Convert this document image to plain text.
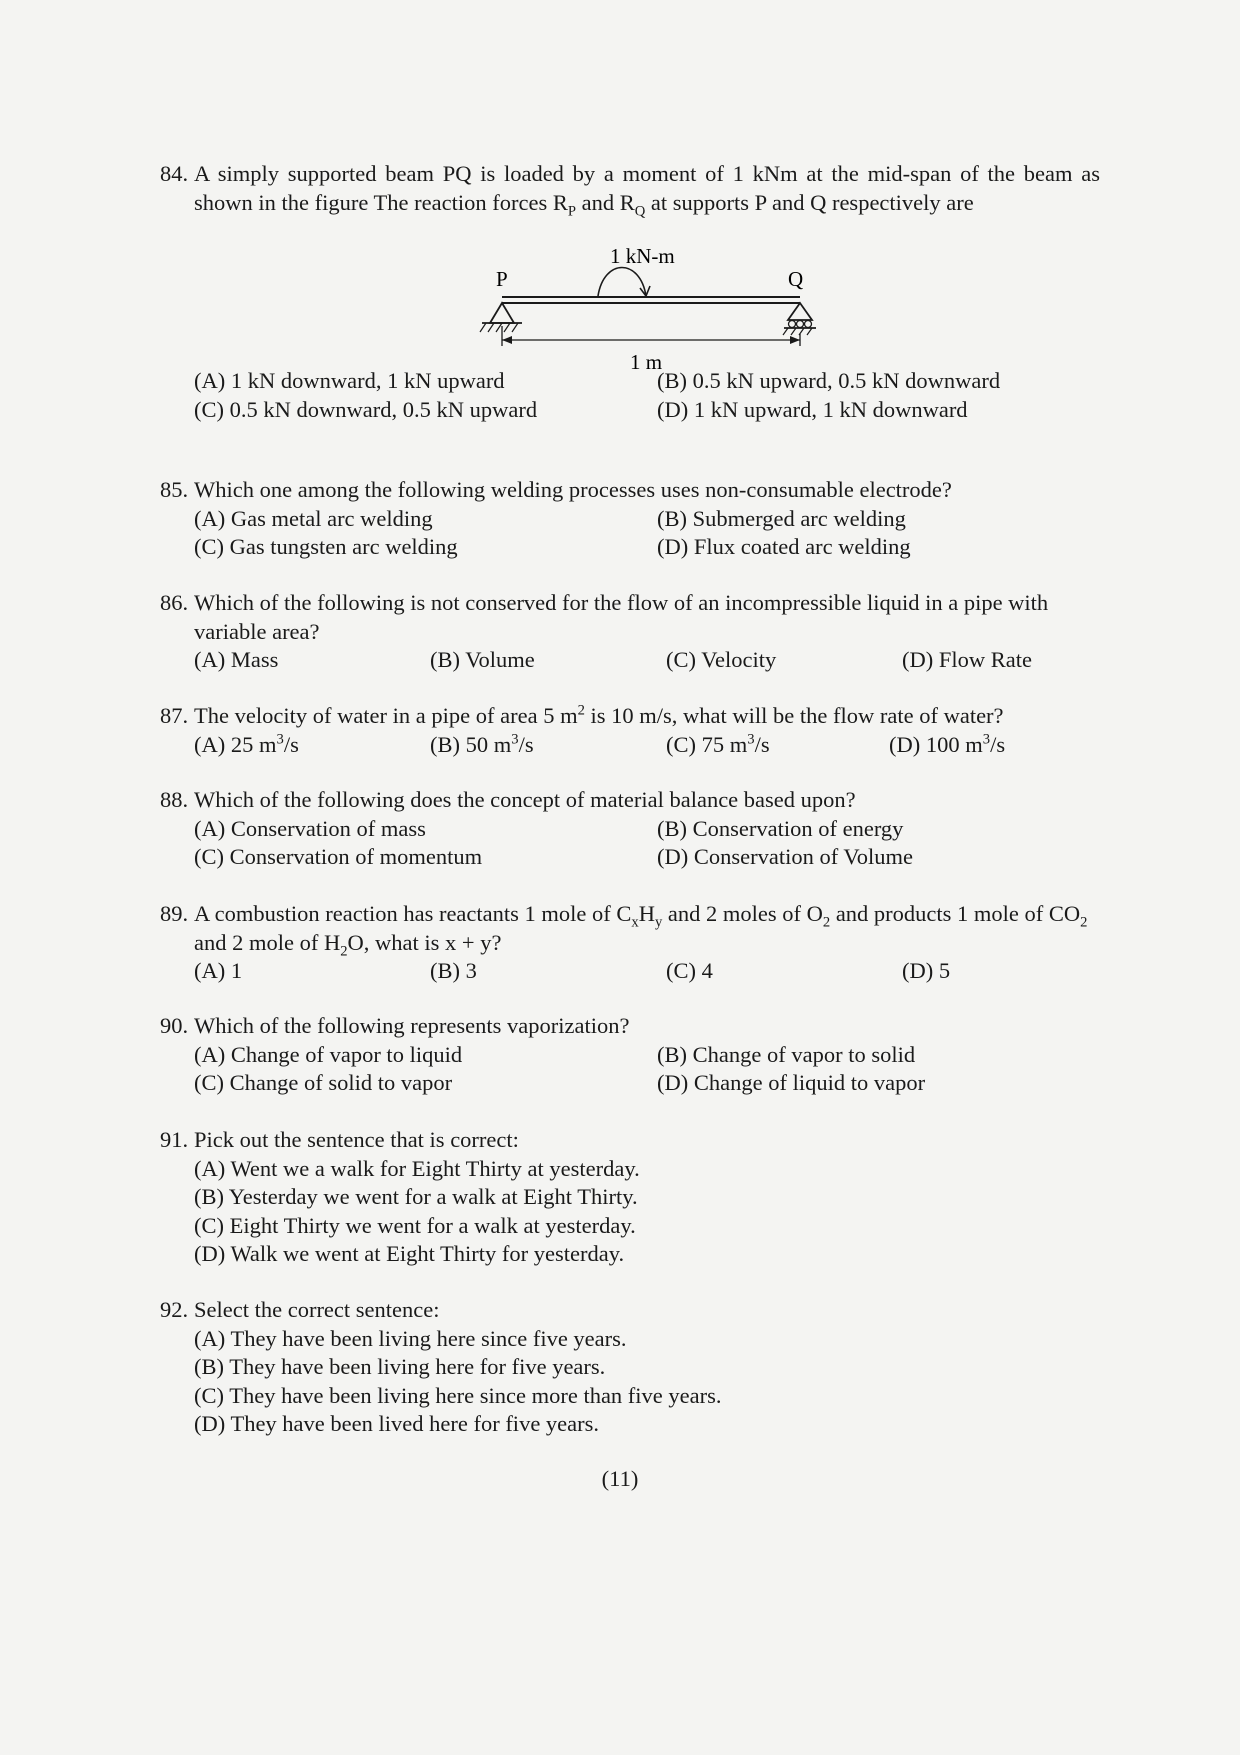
84. A simply supported beam PQ is loaded by a moment of 1 kNm at the mid-span of the beam as shown in the figure The reaction forces $R_P$ and $R_Q$ at supports P and Q respectively are
(A) 1 kN downward, 1 kN upward	(B) 0.5 kN upward, 0.5 kN downward
(C) 0.5 kN downward, 0.5 kN upward	(D) 1 kN upward, 1 kN downward
1 kN-m
P	Q
1 m
85. Which one among the following welding processes uses non-consumable electrode?
(A) Gas metal arc welding	(B) Submerged arc welding
(C) Gas tungsten arc welding	(D) Flux coated arc welding
86. Which of the following is not conserved for the flow of an incompressible liquid in a pipe with variable area?
(A) Mass	(B) Volume	(C) Velocity	(D) Flow Rate
87. The velocity of water in a pipe of area 5 $m^2$ is 10 m/s, what will be the flow rate of water?
(A) 25 $m^3/s$	(B) 50 $m^3/s$	(C) 75 $m^3/s$	(D) 100 $m^3/s$
88. Which of the following does the concept of material balance based upon?
(A) Conservation of mass	(B) Conservation of energy
(C) Conservation of momentum	(D) Conservation of Volume
89. A combustion reaction has reactants 1 mole of $C_xH_y$ and 2 moles of $O_2$ and products 1 mole of $CO_2$ and 2 mole of $H_2O$, what is x + y?
(A) 1	(B) 3	(C) 4	(D) 5
90. Which of the following represents vaporization?
(A) Change of vapor to liquid	(B) Change of vapor to solid
(C) Change of solid to vapor	(D) Change of liquid to vapor
91. Pick out the sentence that is correct:
(A) Went we a walk for Eight Thirty at yesterday.
(B) Yesterday we went for a walk at Eight Thirty.
(C) Eight Thirty we went for a walk at yesterday.
(D) Walk we went at Eight Thirty for yesterday.
92. Select the correct sentence:
(A) They have been living here since five years.
(B) They have been living here for five years.
(C) They have been living here since more than five years.
(D) They have been lived here for five years.
(11)
